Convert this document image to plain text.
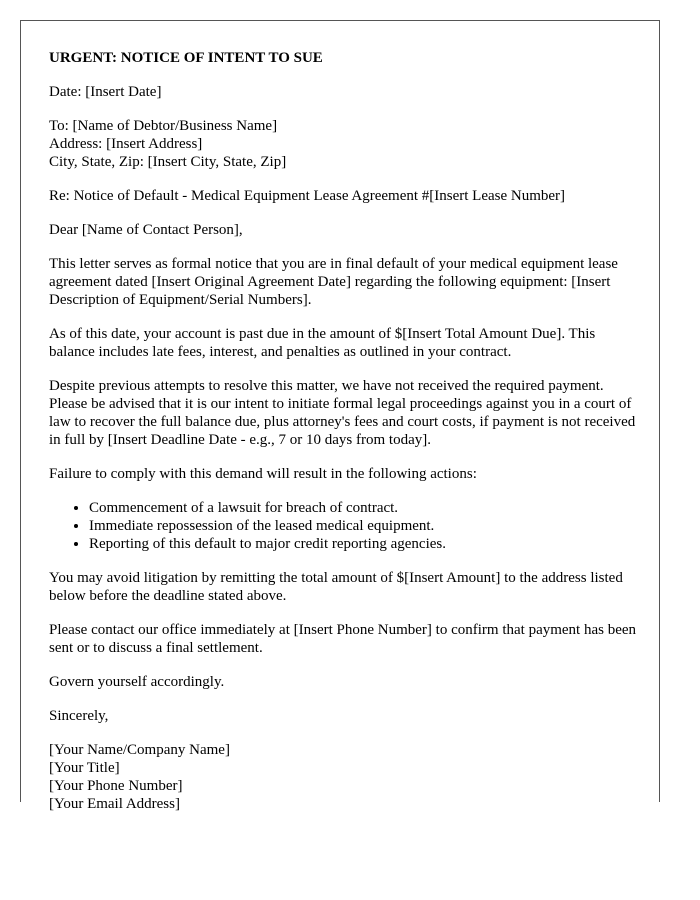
URGENT: NOTICE OF INTENT TO SUE

Date: [Insert Date]

To: [Name of Debtor/Business Name]
Address: [Insert Address]
City, State, Zip: [Insert City, State, Zip]

Re: Notice of Default - Medical Equipment Lease Agreement #[Insert Lease Number]

Dear [Name of Contact Person],

This letter serves as formal notice that you are in final default of your medical equipment lease agreement dated [Insert Original Agreement Date] regarding the following equipment: [Insert Description of Equipment/Serial Numbers].

As of this date, your account is past due in the amount of $[Insert Total Amount Due]. This balance includes late fees, interest, and penalties as outlined in your contract.

Despite previous attempts to resolve this matter, we have not received the required payment. Please be advised that it is our intent to initiate formal legal proceedings against you in a court of law to recover the full balance due, plus attorney's fees and court costs, if payment is not received in full by [Insert Deadline Date - e.g., 7 or 10 days from today].

Failure to comply with this demand will result in the following actions:

• Commencement of a lawsuit for breach of contract.
• Immediate repossession of the leased medical equipment.
• Reporting of this default to major credit reporting agencies.

You may avoid litigation by remitting the total amount of $[Insert Amount] to the address listed below before the deadline stated above.

Please contact our office immediately at [Insert Phone Number] to confirm that payment has been sent or to discuss a final settlement.

Govern yourself accordingly.

Sincerely,

[Your Name/Company Name]
[Your Title]
[Your Phone Number]
[Your Email Address]
